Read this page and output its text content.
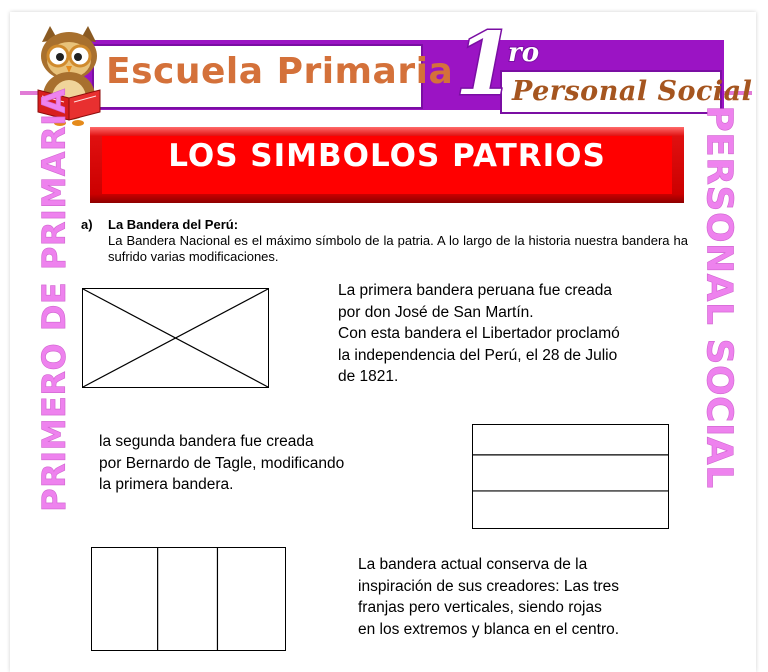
Escuela Primaria 1
ro
Personal Social
LOS SIMBOLOS PATRIOS
PRIMERO DE PRIMARIA	PERSONAL SOCIAL
a) La Bandera del Perú:
La Bandera Nacional es el máximo símbolo de la patria. A lo largo de la historia nuestra bandera ha sufrido varias modificaciones.
La primera bandera peruana fue creada
por don José de San Martín.
Con esta bandera el Libertador proclamó
la independencia del Perú, el 28 de Julio
de 1821.
la segunda bandera fue creada
por Bernardo de Tagle, modificando
la primera bandera.
La bandera actual conserva de la
inspiración de sus creadores: Las tres
franjas pero verticales, siendo rojas
en los extremos y blanca en el centro.
